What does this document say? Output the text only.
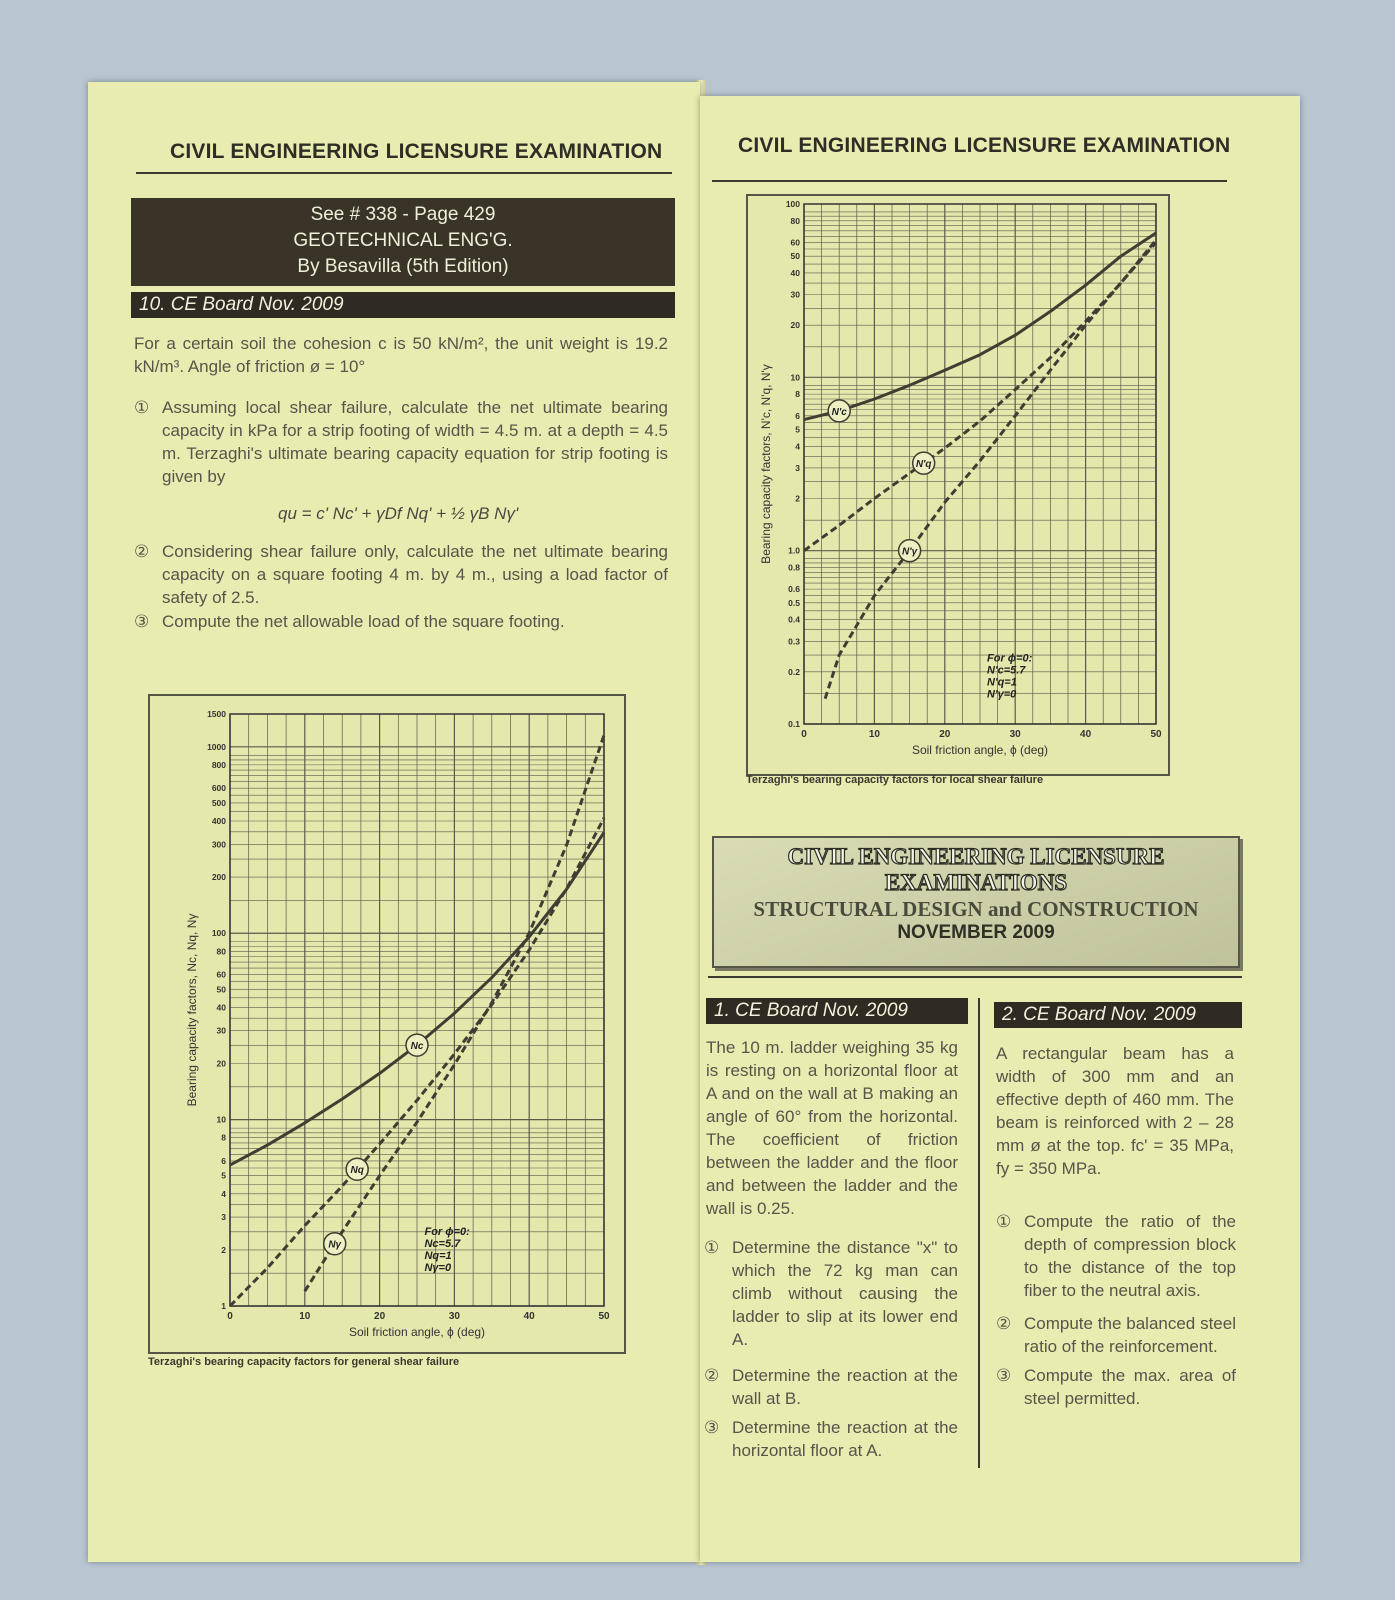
CIVIL ENGINEERING LICENSURE EXAMINATION
See # 338 - Page 429
GEOTECHNICAL ENG'G.
By Besavilla (5th Edition)
10. CE Board Nov. 2009
For a certain soil the cohesion c is 50 kN/m², the unit weight is 19.2 kN/m³. Angle of friction ø = 10°
① Assuming local shear failure, calculate the net ultimate bearing capacity in kPa for a strip footing of width = 4.5 m. at a depth = 4.5 m. Terzaghi's ultimate bearing capacity equation for strip footing is given by
qu = c' Nc' + γDf Nq' + ½ γB Nγ'
② Considering shear failure only, calculate the net ultimate bearing capacity on a square footing 4 m. by 4 m., using a load factor of safety of 2.5.
③ Compute the net allowable load of the square footing.
0	10	20	30	40	50
1
2
3
4
5
6
8
10
20
30
40
50
60
80
100
200
300
400
500
600
800
1000
1500
Soil friction angle, ϕ (deg)
Bearing capacity factors, Nc, Nq, Nγ	Nc
Nq
Nγ
For ϕ=0:
Nc=5.7
Nq=1
Nγ=0
Terzaghi's bearing capacity factors for general shear failure
CIVIL ENGINEERING LICENSURE EXAMINATION
0	10	20	30	40	50
0.1
0.2
0.3
0.4
0.5
0.6
0.8
1.0
2
3
4
5
6
8
10
20
30
40
50
60
80
100
Soil friction angle, ϕ (deg)
Bearing capacity factors, N'c, N'q, N'γ	N'c
N'q
N'γ
For ϕ=0:
N'c=5.7
N'q=1
N'γ=0
Terzaghi's bearing capacity factors for local shear failure
CIVIL ENGINEERING LICENSURE
EXAMINATIONS
STRUCTURAL DESIGN and CONSTRUCTION
NOVEMBER 2009
1. CE Board Nov. 2009
The 10 m. ladder weighing 35 kg is resting on a horizontal floor at A and on the wall at B making an angle of 60° from the horizontal. The coefficient of friction between the ladder and the floor and between the ladder and the wall is 0.25.
① Determine the distance "x" to which the 72 kg man can climb without causing the ladder to slip at its lower end A.
② Determine the reaction at the wall at B.
③ Determine the reaction at the horizontal floor at A.
2. CE Board Nov. 2009
A rectangular beam has a width of 300 mm and an effective depth of 460 mm. The beam is reinforced with 2 – 28 mm ø at the top. fc' = 35 MPa, fy = 350 MPa.
① Compute the ratio of the depth of compression block to the distance of the top fiber to the neutral axis.
② Compute the balanced steel ratio of the reinforcement.
③ Compute the max. area of steel permitted.
